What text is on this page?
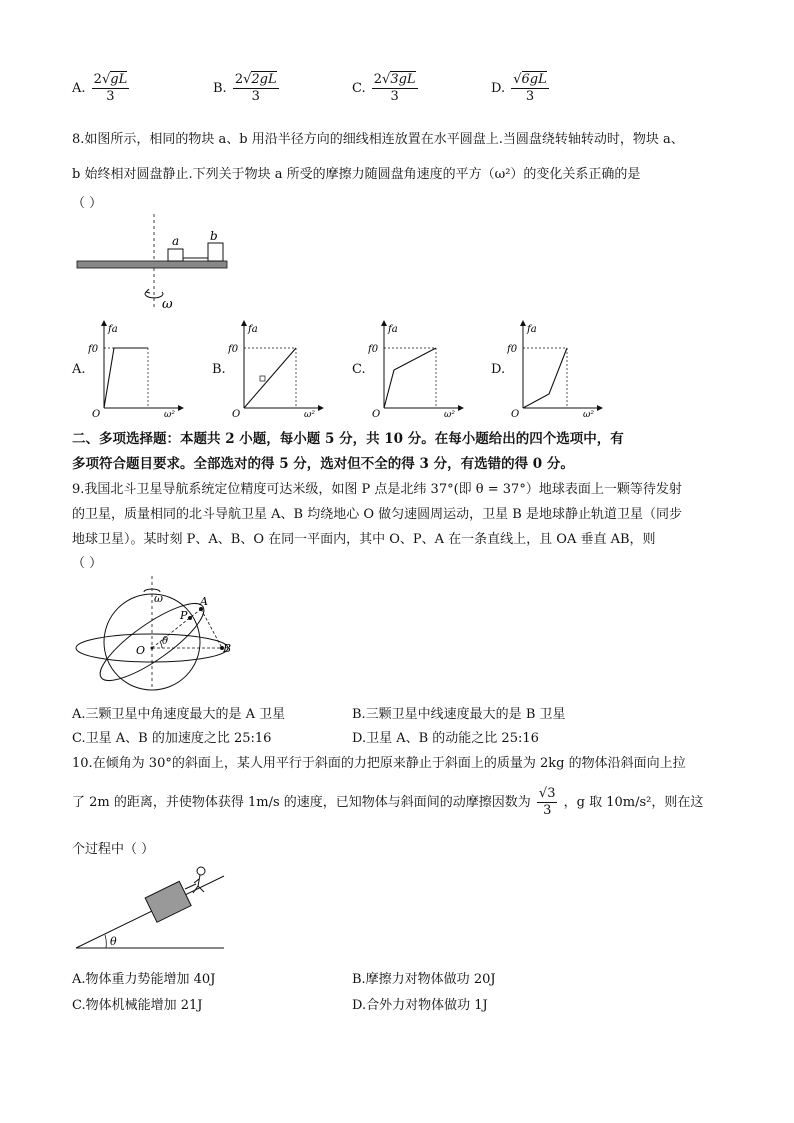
A. $\frac{2√gL}{3}$	B. $\frac{2√2gL}{3}$	C. $\frac{2√3gL}{3}$	D. $\frac{√6gL}{3}$
8.如图所示，相同的物块 a、b 用沿半径方向的细线相连放置在水平圆盘上.当圆盘绕转轴转动时，物块 a、
b 始终相对圆盘静止.下列关于物块 a 所受的摩擦力随圆盘角速度的平方（ω²）的变化关系正确的是
（ ）
a	b
ω
A.
fa
f0
O	ω²
B.
fa
f0
O	ω²
C.
fa
f0
O	ω²
D.
fa
f0
O	ω²
二、多项选择题：本题共 2 小题，每小题 5 分，共 10 分。在每小题给出的四个选项中，有
多项符合题目要求。全部选对的得 5 分，选对但不全的得 3 分，有选错的得 0 分。
9.我国北斗卫星导航系统定位精度可达米级，如图 P 点是北纬 37°(即 θ = 37°）地球表面上一颗等待发射
的卫星，质量相同的北斗导航卫星 A、B 均绕地心 O 做匀速圆周运动，卫星 B 是地球静止轨道卫星（同步
地球卫星）。某时刻 P、A、B、O 在同一平面内，其中 O、P、A 在一条直线上，且 OA 垂直 AB，则
（ ）
ω
P
A
θ
O	B
A.三颗卫星中角速度最大的是 A 卫星	B.三颗卫星中线速度最大的是 B 卫星
C.卫星 A、B 的加速度之比 25:16	D.卫星 A、B 的动能之比 25:16
10.在倾角为 30°的斜面上，某人用平行于斜面的力把原来静止于斜面上的质量为 2kg 的物体沿斜面向上拉
了 2m 的距离，并使物体获得 1m/s 的速度，已知物体与斜面间的动摩擦因数为 $\frac{√3}{3}$ ，g 取 10m/s²，则在这
个过程中（ ）
θ
A.物体重力势能增加 40J	B.摩擦力对物体做功 20J
C.物体机械能增加 21J	D.合外力对物体做功 1J
